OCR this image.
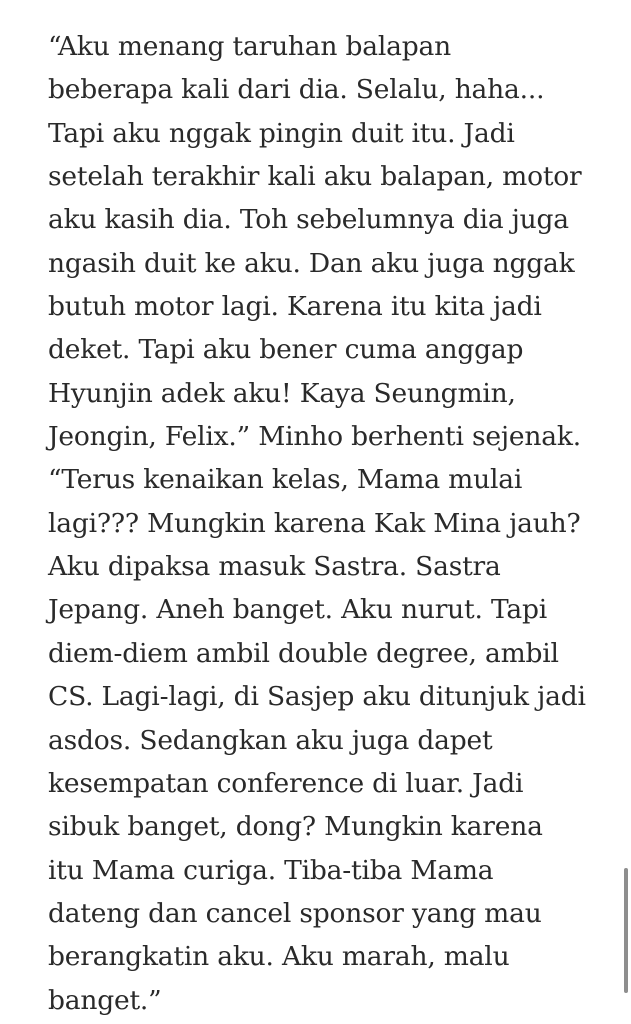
“Aku menang taruhan balapan
beberapa kali dari dia. Selalu, haha...
Tapi aku nggak pingin duit itu. Jadi
setelah terakhir kali aku balapan, motor
aku kasih dia. Toh sebelumnya dia juga
ngasih duit ke aku. Dan aku juga nggak
butuh motor lagi. Karena itu kita jadi
deket. Tapi aku bener cuma anggap
Hyunjin adek aku! Kaya Seungmin,
Jeongin, Felix.” Minho berhenti sejenak.
“Terus kenaikan kelas, Mama mulai
lagi??? Mungkin karena Kak Mina jauh?
Aku dipaksa masuk Sastra. Sastra
Jepang. Aneh banget. Aku nurut. Tapi
diem-diem ambil double degree, ambil
CS. Lagi-lagi, di Sasjep aku ditunjuk jadi
asdos. Sedangkan aku juga dapet
kesempatan conference di luar. Jadi
sibuk banget, dong? Mungkin karena
itu Mama curiga. Tiba-tiba Mama
dateng dan cancel sponsor yang mau
berangkatin aku. Aku marah, malu
banget.”
